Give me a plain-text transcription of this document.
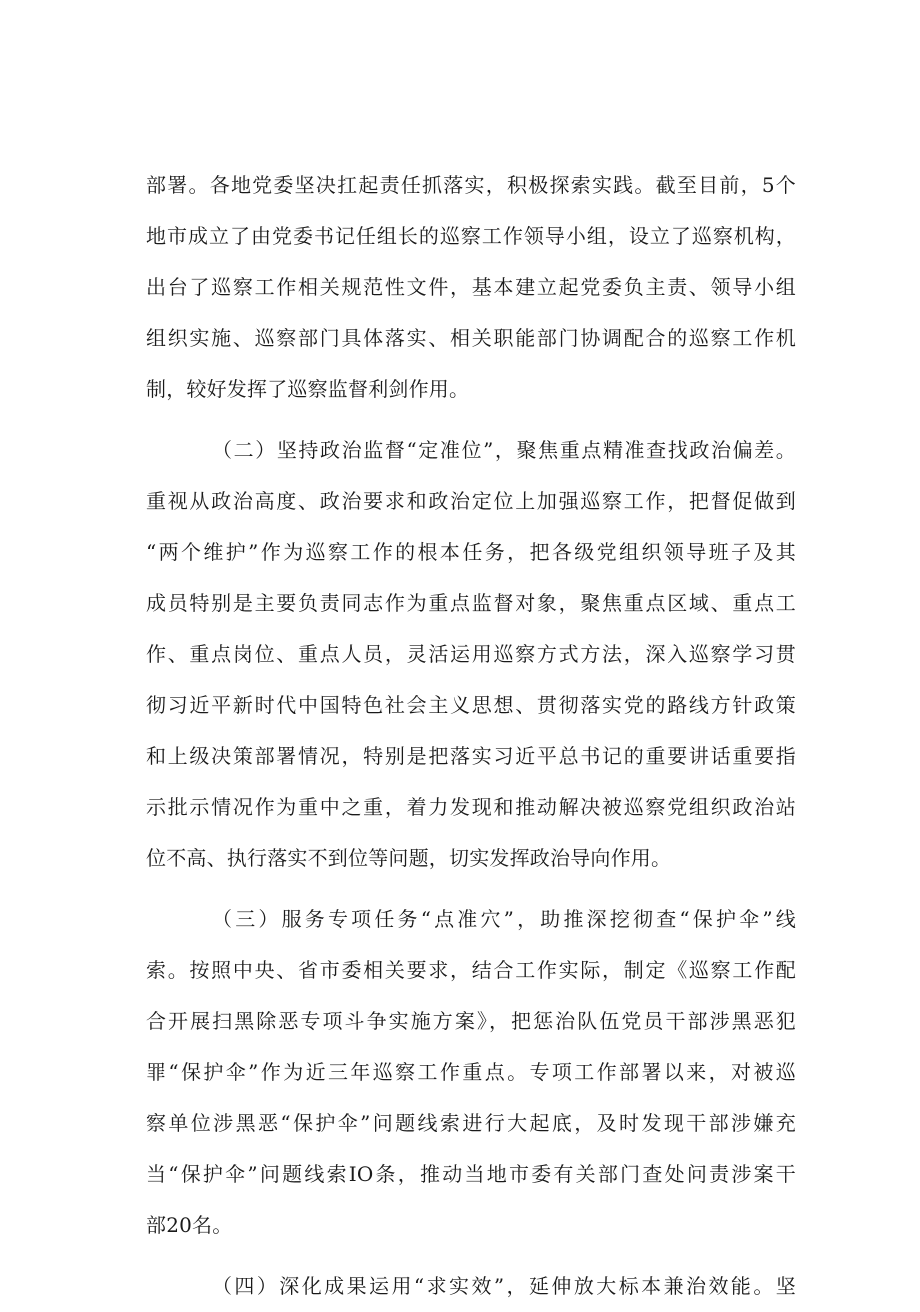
部署。各地党委坚决扛起责任抓落实，积极探索实践。截至目前，5个
地市成立了由党委书记任组长的巡察工作领导小组，设立了巡察机构，
出台了巡察工作相关规范性文件，基本建立起党委负主责、领导小组
组织实施、巡察部门具体落实、相关职能部门协调配合的巡察工作机
制，较好发挥了巡察监督利剑作用。
（二）坚持政治监督“定准位”，聚焦重点精准查找政治偏差。
重视从政治高度、政治要求和政治定位上加强巡察工作，把督促做到
“两个维护”作为巡察工作的根本任务，把各级党组织领导班子及其
成员特别是主要负责同志作为重点监督对象，聚焦重点区域、重点工
作、重点岗位、重点人员，灵活运用巡察方式方法，深入巡察学习贯
彻习近平新时代中国特色社会主义思想、贯彻落实党的路线方针政策
和上级决策部署情况，特别是把落实习近平总书记的重要讲话重要指
示批示情况作为重中之重，着力发现和推动解决被巡察党组织政治站
位不高、执行落实不到位等问题，切实发挥政治导向作用。
（三）服务专项任务“点准穴”，助推深挖彻查“保护伞”线
索。按照中央、省市委相关要求，结合工作实际，制定《巡察工作配
合开展扫黑除恶专项斗争实施方案》，把惩治队伍党员干部涉黑恶犯
罪“保护伞”作为近三年巡察工作重点。专项工作部署以来，对被巡
察单位涉黑恶“保护伞”问题线索进行大起底，及时发现干部涉嫌充
当“保护伞”问题线索IO条，推动当地市委有关部门查处问责涉案干
部20名。
（四）深化成果运用“求实效”，延伸放大标本兼治效能。坚
